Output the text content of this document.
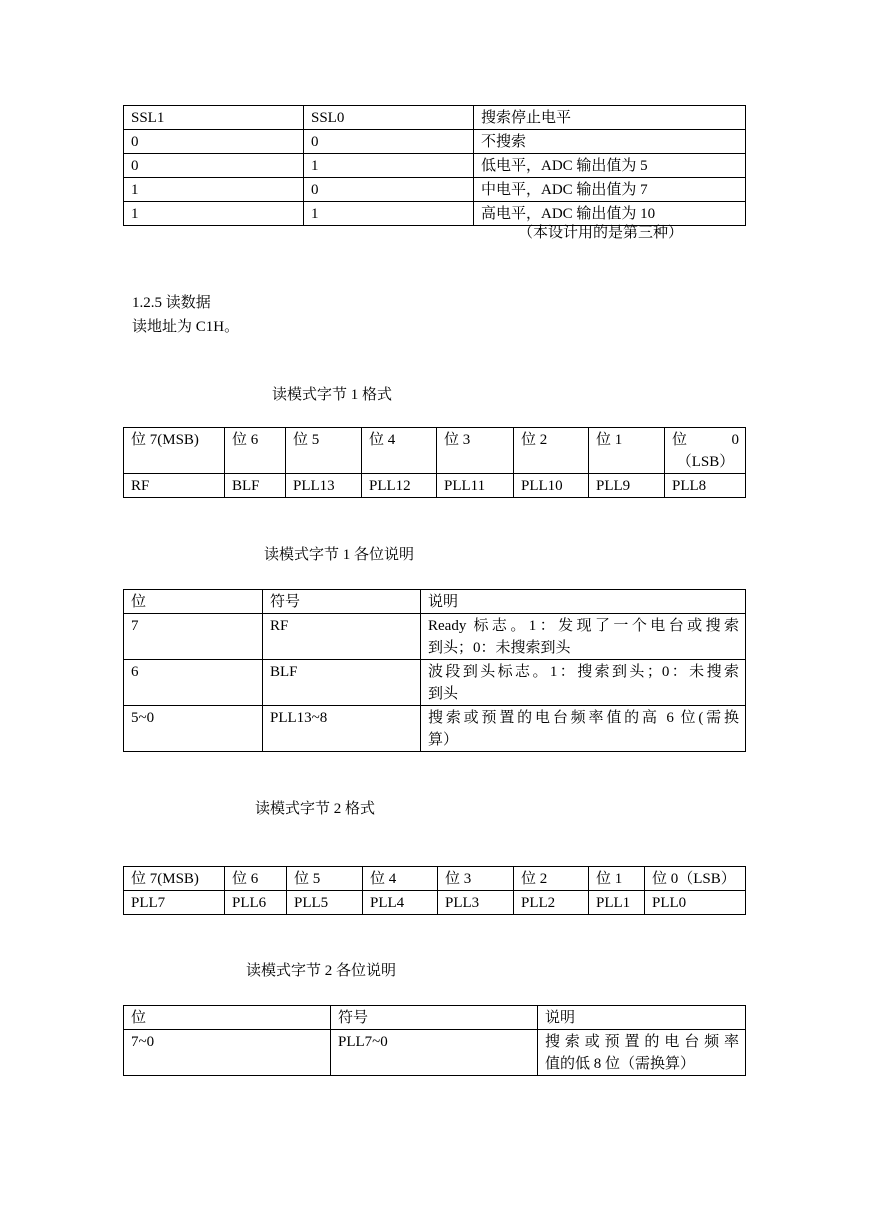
SSL1	SSL0	搜索停止电平
0	0	不搜索
0	1	低电平，ADC 输出值为 5
1	0	中电平，ADC 输出值为 7
1	1	高电平，ADC 输出值为 10
（本设计用的是第三种）
1.2.5 读数据
读地址为 C1H。
读模式字节 1 格式
位 7(MSB)	位 6	位 5	位 4	位 3	位 2	位 1	位 0
（LSB）

RF	BLF	PLL13	PLL12	PLL11	PLL10	PLL9	PLL8
读模式字节 1 各位说明
位	符号	说明
7	RF	Ready 标志。1：发现了一个电台或搜索
到头；0：未搜索到头

6	BLF	波段到头标志。1：搜索到头；0：未搜索
到头

5~0	PLL13~8	搜索或预置的电台频率值的高 6 位(需换
算）
读模式字节 2 格式
位 7(MSB)	位 6	位 5	位 4	位 3	位 2	位 1	位 0（LSB）
PLL7	PLL6	PLL5	PLL4	PLL3	PLL2	PLL1	PLL0
读模式字节 2 各位说明
位	符号	说明
7~0	PLL7~0	搜索或预置的电台频率
值的低 8 位（需换算）
